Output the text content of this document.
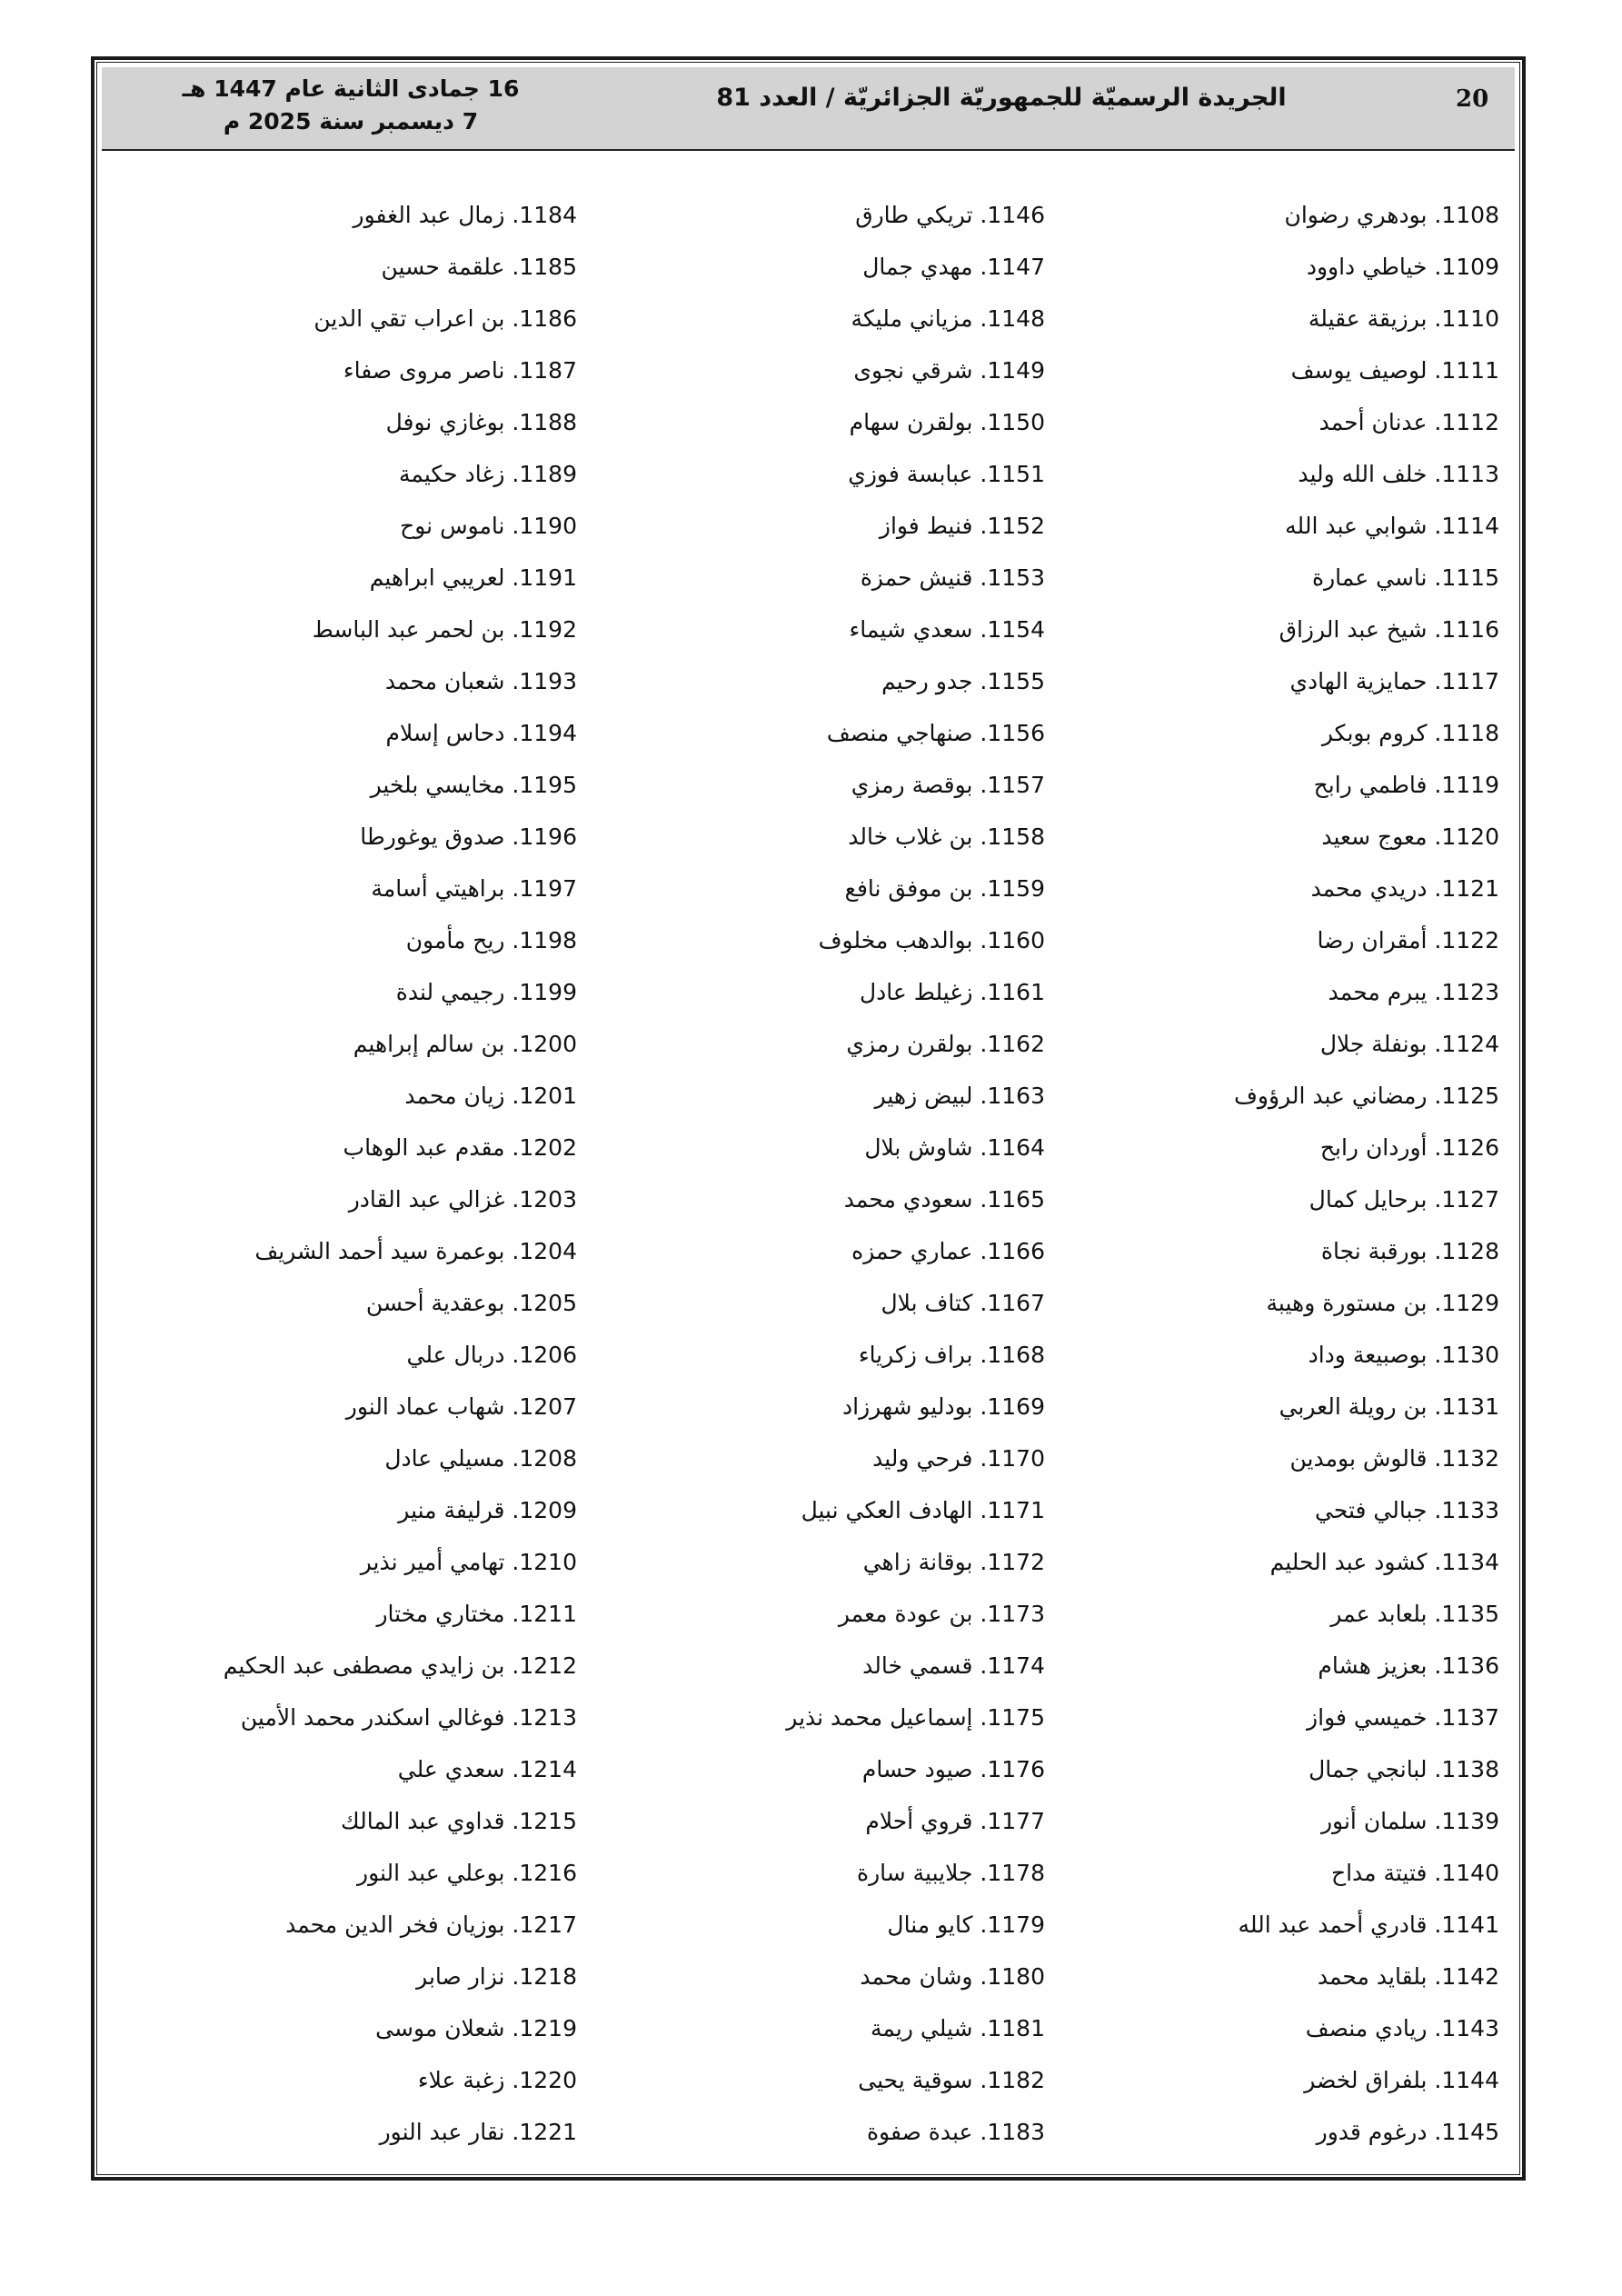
16 جمادى الثانية عام 1447 هـ
7 ديسمبر سنة 2025 م
الجريدة الرسميّة للجمهوريّة الجزائريّة / العدد 81	20
1108. بودهري رضوان
1109. خياطي داوود
1110. برزيقة عقيلة
1111. لوصيف يوسف
1112. عدنان أحمد
1113. خلف الله وليد
1114. شوابي عبد الله
1115. ناسي عمارة
1116. شيخ عبد الرزاق
1117. حمايزية الهادي
1118. كروم بوبكر
1119. فاطمي رابح
1120. معوج سعيد
1121. دريدي محمد
1122. أمقران رضا
1123. يبرم محمد
1124. بونفلة جلال
1125. رمضاني عبد الرؤوف
1126. أوردان رابح
1127. برحايل كمال
1128. بورقبة نجاة
1129. بن مستورة وهيبة
1130. بوصبيعة وداد
1131. بن رويلة العربي
1132. قالوش بومدين
1133. جبالي فتحي
1134. كشود عبد الحليم
1135. بلعابد عمر
1136. بعزيز هشام
1137. خميسي فواز
1138. لبانجي جمال
1139. سلمان أنور
1140. فتيتة مداح
1141. قادري أحمد عبد الله
1142. بلقايد محمد
1143. ريادي منصف
1144. بلفراق لخضر
1145. درغوم قدور
1146. تريكي طارق
1147. مهدي جمال
1148. مزياني مليكة
1149. شرقي نجوى
1150. بولقرن سهام
1151. عبابسة فوزي
1152. فنيط فواز
1153. قنيش حمزة
1154. سعدي شيماء
1155. جدو رحيم
1156. صنهاجي منصف
1157. بوقصة رمزي
1158. بن غلاب خالد
1159. بن موفق نافع
1160. بوالدهب مخلوف
1161. زغيلط عادل
1162. بولقرن رمزي
1163. لبيض زهير
1164. شاوش بلال
1165. سعودي محمد
1166. عماري حمزه
1167. كتاف بلال
1168. براف زكرياء
1169. بودليو شهرزاد
1170. فرحي وليد
1171. الهادف العكي نبيل
1172. بوقانة زاهي
1173. بن عودة معمر
1174. قسمي خالد
1175. إسماعيل محمد نذير
1176. صيود حسام
1177. قروي أحلام
1178. جلايبية سارة
1179. كايو منال
1180. وشان محمد
1181. شيلي ريمة
1182. سوقية يحيى
1183. عبدة صفوة
1184. زمال عبد الغفور
1185. علقمة حسين
1186. بن اعراب تقي الدين
1187. ناصر مروى صفاء
1188. بوغازي نوفل
1189. زغاد حكيمة
1190. ناموس نوح
1191. لعريبي ابراهيم
1192. بن لحمر عبد الباسط
1193. شعبان محمد
1194. دحاس إسلام
1195. مخايسي بلخير
1196. صدوق يوغورطا
1197. براهيتي أسامة
1198. ريح مأمون
1199. رجيمي لندة
1200. بن سالم إبراهيم
1201. زيان محمد
1202. مقدم عبد الوهاب
1203. غزالي عبد القادر
1204. بوعمرة سيد أحمد الشريف
1205. بوعقدية أحسن
1206. دربال علي
1207. شهاب عماد النور
1208. مسيلي عادل
1209. قرليفة منير
1210. تهامي أمير نذير
1211. مختاري مختار
1212. بن زايدي مصطفى عبد الحكيم
1213. فوغالي اسكندر محمد الأمين
1214. سعدي علي
1215. قداوي عبد المالك
1216. بوعلي عبد النور
1217. بوزيان فخر الدين محمد
1218. نزار صابر
1219. شعلان موسى
1220. زغبة علاء
1221. نقار عبد النور
